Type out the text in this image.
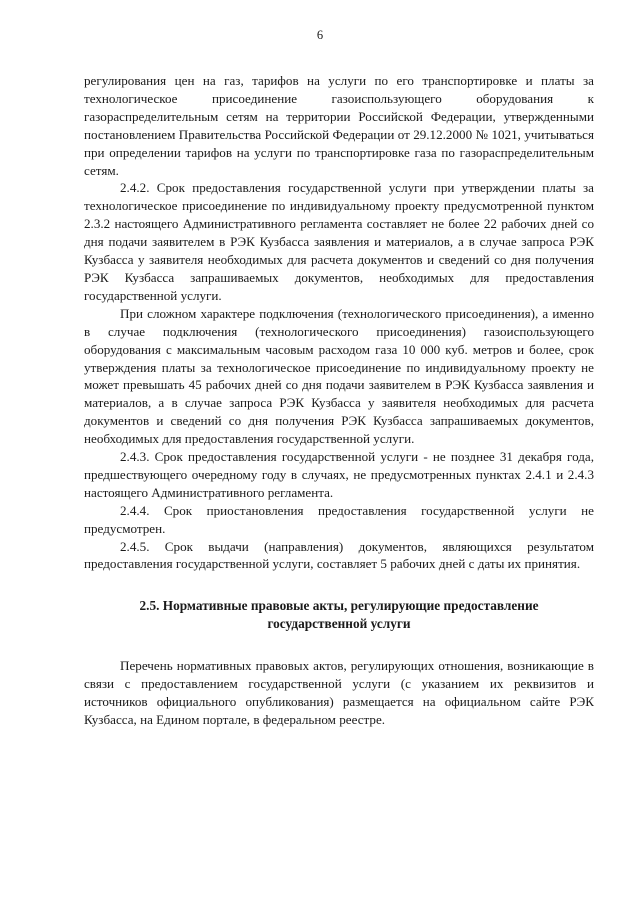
6

регулирования цен на газ, тарифов на услуги по его транспортировке и платы за технологическое присоединение газоиспользующего оборудования к газораспределительным сетям на территории Российской Федерации, утвержденными постановлением Правительства Российской Федерации от 29.12.2000 № 1021, учитываться при определении тарифов на услуги по транспортировке газа по газораспределительным сетям.

2.4.2. Срок предоставления государственной услуги при утверждении платы за технологическое присоединение по индивидуальному проекту предусмотренной пунктом 2.3.2 настоящего Административного регламента составляет не более 22 рабочих дней со дня подачи заявителем в РЭК Кузбасса заявления и материалов, а в случае запроса РЭК Кузбасса у заявителя необходимых для расчета документов и сведений со дня получения РЭК Кузбасса запрашиваемых документов, необходимых для предоставления государственной услуги.

При сложном характере подключения (технологического присоединения), а именно в случае подключения (технологического присоединения) газоиспользующего оборудования с максимальным часовым расходом газа 10 000 куб. метров и более, срок утверждения платы за технологическое присоединение по индивидуальному проекту не может превышать 45 рабочих дней со дня подачи заявителем в РЭК Кузбасса заявления и материалов, а в случае запроса РЭК Кузбасса у заявителя необходимых для расчета документов и сведений со дня получения РЭК Кузбасса запрашиваемых документов, необходимых для предоставления государственной услуги.

2.4.3. Срок предоставления государственной услуги - не позднее 31 декабря года, предшествующего очередному году в случаях, не предусмотренных пунктах 2.4.1 и 2.4.3 настоящего Административного регламента.

2.4.4. Срок приостановления предоставления государственной услуги не предусмотрен.

2.4.5. Срок выдачи (направления) документов, являющихся результатом предоставления государственной услуги, составляет 5 рабочих дней с даты их принятия.

2.5. Нормативные правовые акты, регулирующие предоставление
государственной услуги

Перечень нормативных правовых актов, регулирующих отношения, возникающие в связи с предоставлением государственной услуги (с указанием их реквизитов и источников официального опубликования) размещается на официальном сайте РЭК Кузбасса, на Едином портале, в федеральном реестре.
